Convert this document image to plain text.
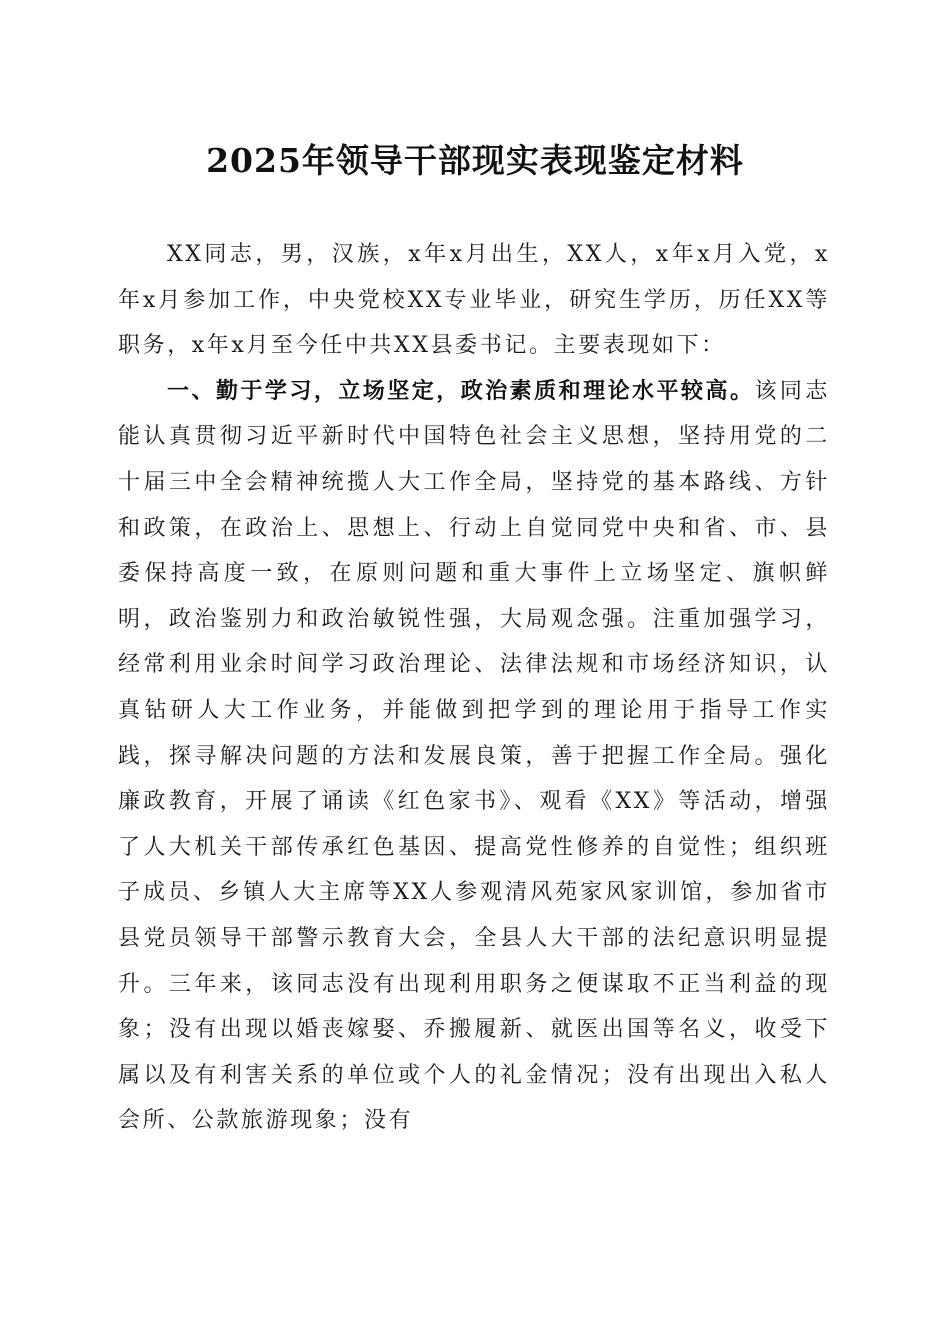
2025年领导干部现实表现鉴定材料

XX同志，男，汉族，x年x月出生，XX人，x年x月入党，x年x月参加工作，中央党校XX专业毕业，研究生学历，历任XX等职务，x年x月至今任中共XX县委书记。主要表现如下：

一、勤于学习，立场坚定，政治素质和理论水平较高。该同志能认真贯彻习近平新时代中国特色社会主义思想，坚持用党的二十届三中全会精神统揽人大工作全局，坚持党的基本路线、方针和政策，在政治上、思想上、行动上自觉同党中央和省、市、县委保持高度一致，在原则问题和重大事件上立场坚定、旗帜鲜明，政治鉴别力和政治敏锐性强，大局观念强。注重加强学习，经常利用业余时间学习政治理论、法律法规和市场经济知识，认真钻研人大工作业务，并能做到把学到的理论用于指导工作实践，探寻解决问题的方法和发展良策，善于把握工作全局。强化廉政教育，开展了诵读《红色家书》、观看《XX》等活动，增强了人大机关干部传承红色基因、提高党性修养的自觉性；组织班子成员、乡镇人大主席等XX人参观清风苑家风家训馆，参加省市县党员领导干部警示教育大会，全县人大干部的法纪意识明显提升。三年来，该同志没有出现利用职务之便谋取不正当利益的现象；没有出现以婚丧嫁娶、乔搬履新、就医出国等名义，收受下属以及有利害关系的单位或个人的礼金情况；没有出现出入私人会所、公款旅游现象；没有
